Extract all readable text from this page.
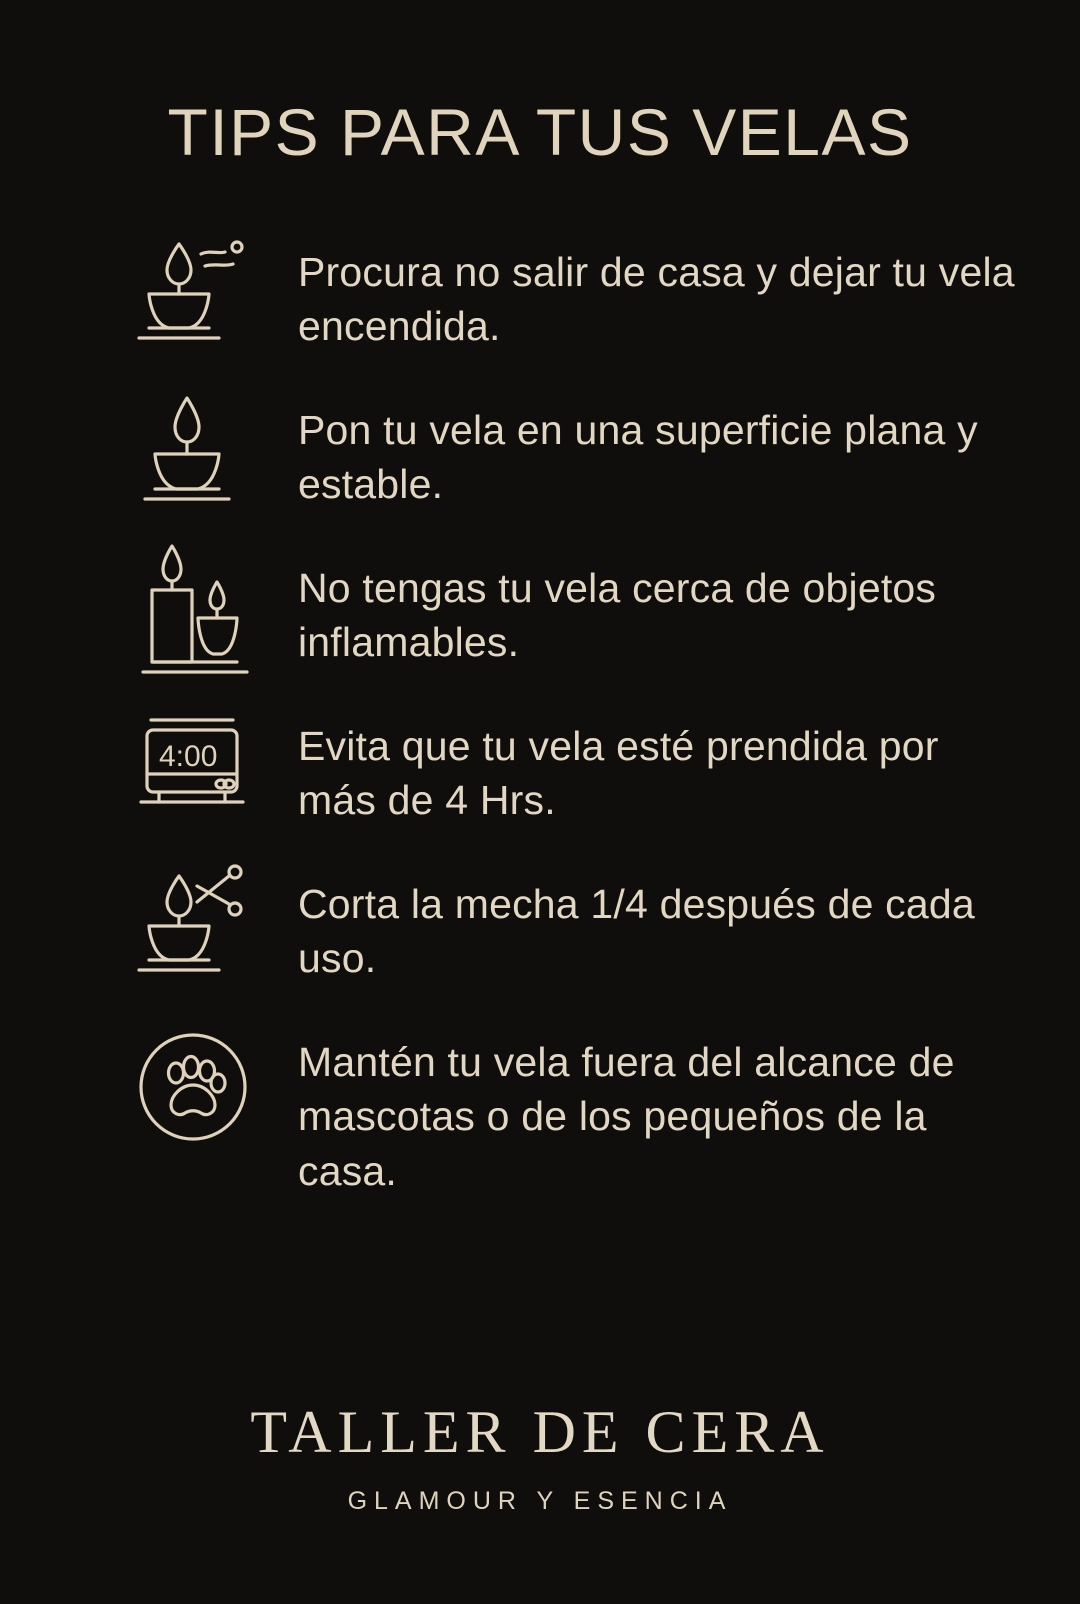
TIPS PARA TUS VELAS
Procura no salir de casa y dejar tu vela encendida.
Pon tu vela en una superficie plana y estable.
No tengas tu vela cerca de objetos inflamables.
4:00	Evita que tu vela esté prendida por más de 4 Hrs.
Corta la mecha 1/4 después de cada uso.
Mantén tu vela fuera del alcance de mascotas o de los pequeños de la casa.
TALLER DE CERA
GLAMOUR Y ESENCIA
